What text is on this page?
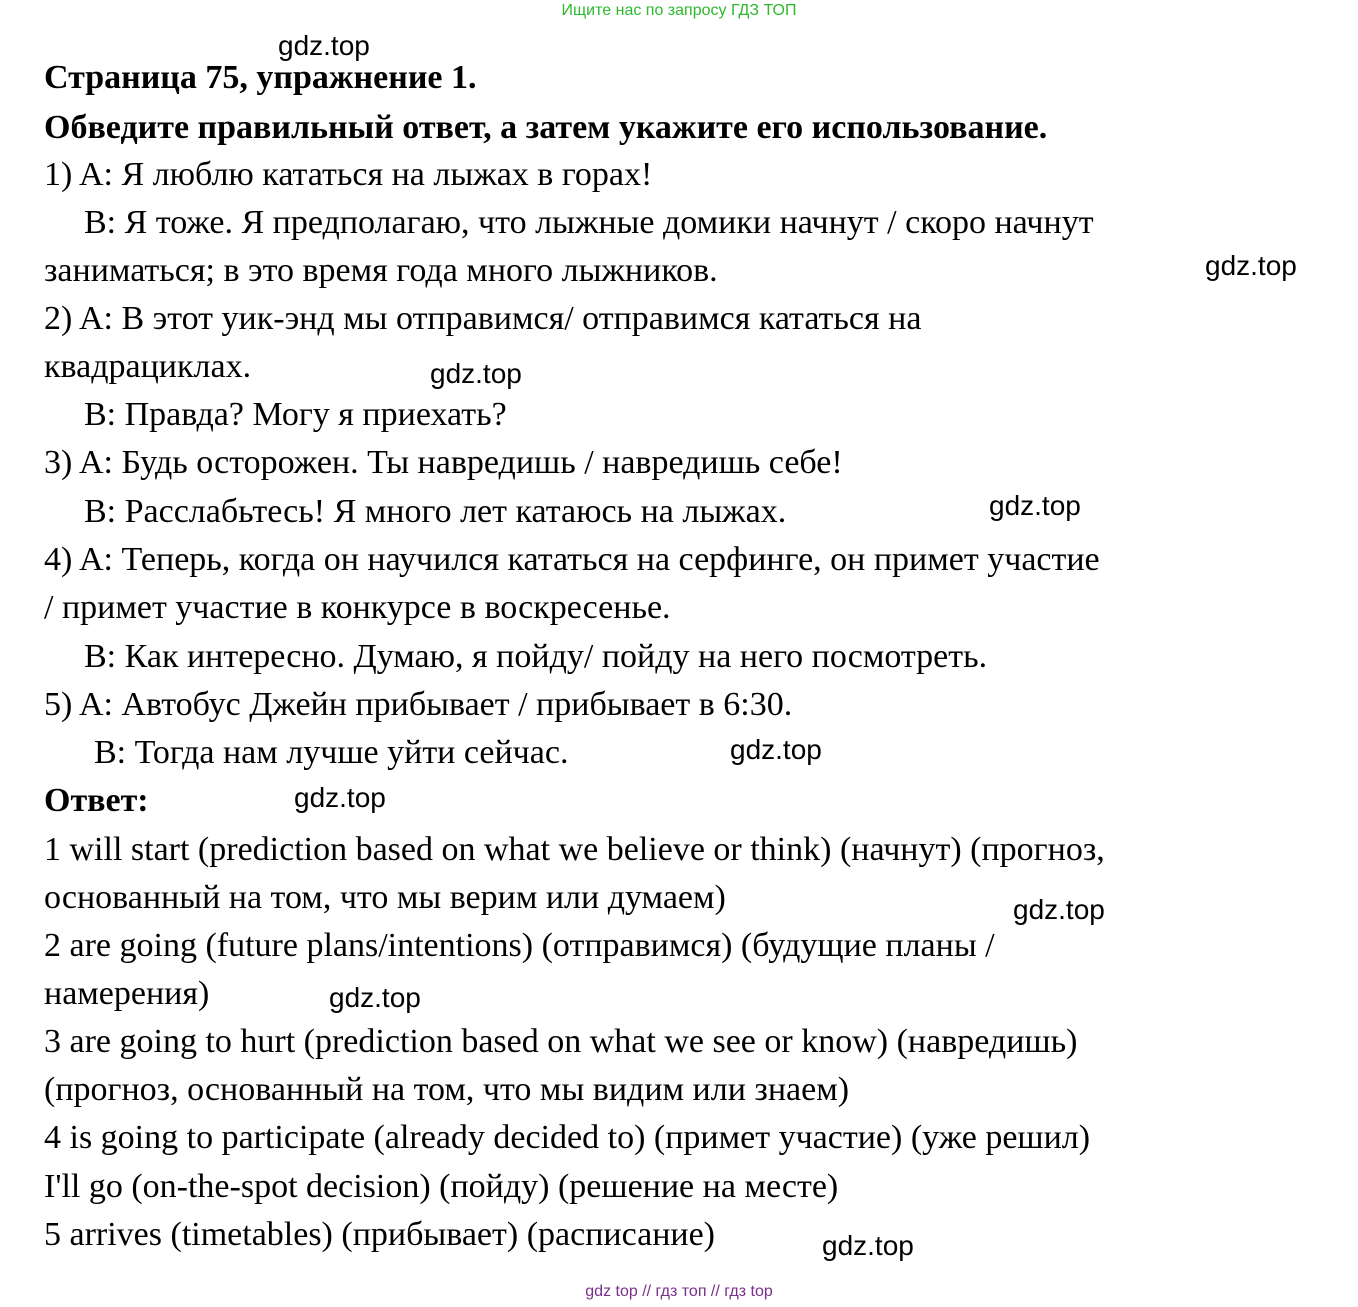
Ищите нас по запросу ГДЗ ТОП
Страница 75, упражнение 1.
Обведите правильный ответ, а затем укажите его использование.
1) A: Я люблю кататься на лыжах в горах!
B: Я тоже. Я предполагаю, что лыжные домики начнут / скоро начнут
заниматься; в это время года много лыжников.
2) A: В этот уик-энд мы отправимся/ отправимся кататься на
квадрациклах.
B: Правда? Могу я приехать?
3) A: Будь осторожен. Ты навредишь / навредишь себе!
B: Расслабьтесь! Я много лет катаюсь на лыжах.
4) A: Теперь, когда он научился кататься на серфинге, он примет участие
/ примет участие в конкурсе в воскресенье.
B: Как интересно. Думаю, я пойду/ пойду на него посмотреть.
5) A: Автобус Джейн прибывает / прибывает в 6:30.
B: Тогда нам лучше уйти сейчас.
Ответ:
1 will start (prediction based on what we believe or think) (начнут) (прогноз,
основанный на том, что мы верим или думаем)
2 are going (future plans/intentions) (отправимся) (будущие планы /
намерения)
3 are going to hurt (prediction based on what we see or know) (навредишь)
(прогноз, основанный на том, что мы видим или знаем)
4 is going to participate (already decided to) (примет участие) (уже решил)
I'll go (on-the-spot decision) (пойду) (решение на месте)
5 arrives (timetables) (прибывает) (расписание)
gdz.top
gdz.top
gdz.top
gdz.top
gdz.top
gdz.top
gdz.top
gdz.top
gdz.top
gdz top // гдз топ // гдз top
